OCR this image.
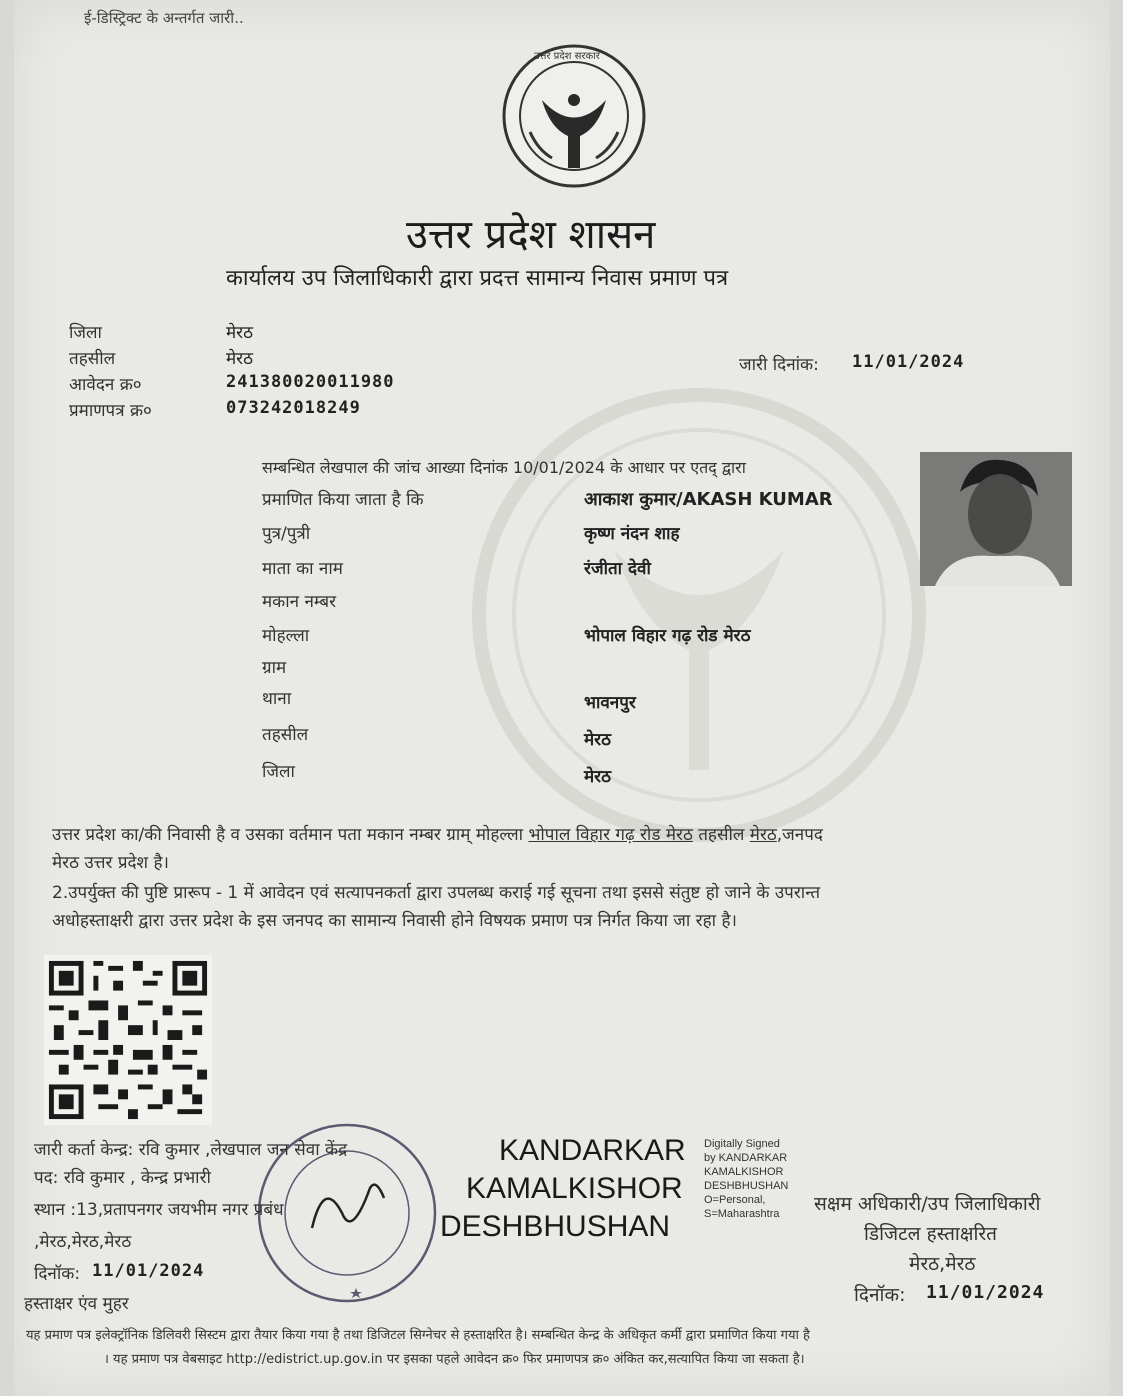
ई-डिस्ट्रिक्ट के अन्तर्गत जारी..
उत्तर प्रदेश सरकार
उत्तर प्रदेश शासन
कार्यालय उप जिलाधिकारी द्वारा प्रदत्त सामान्य निवास प्रमाण पत्र
जिला	मेरठ
तहसील	मेरठ
आवेदन क्र०	241380020011980
प्रमाणपत्र क्र०	073242018249
जारी दिनांक: 11/01/2024
सम्बन्धित लेखपाल की जांच आख्या दिनांक 10/01/2024 के आधार पर एतद् द्वारा
प्रमाणित किया जाता है कि	आकाश कुमार/AKASH KUMAR
पुत्र/पुत्री	कृष्ण नंदन शाह
माता का नाम	रंजीता देवी
मकान नम्बर
मोहल्ला	भोपाल विहार गढ़ रोड मेरठ
ग्राम
थाना	भावनपुर
तहसील	मेरठ
जिला	मेरठ
उत्तर प्रदेश का/की निवासी है व उसका वर्तमान पता मकान नम्बर ग्राम् मोहल्ला भोपाल विहार गढ़ रोड मेरठ तहसील मेरठ,जनपद
मेरठ उत्तर प्रदेश है।
2.उपर्युक्त की पुष्टि प्रारूप - 1 में आवेदन एवं सत्यापनकर्ता द्वारा उपलब्ध कराई गई सूचना तथा इससे संतुष्ट हो जाने के उपरान्त
अधोहस्ताक्षरी द्वारा उत्तर प्रदेश के इस जनपद का सामान्य निवासी होने विषयक प्रमाण पत्र निर्गत किया जा रहा है।
जारी कर्ता केन्द्र: रवि कुमार ,लेखपाल जन सेवा केंद्र
पद: रवि कुमार , केन्द्र प्रभारी
स्थान :13,प्रतापनगर जयभीम नगर प्रबंध
,मेरठ,मेरठ,मेरठ
दिनॉक: 11/01/2024
हस्ताक्षर एंव मुहर
KANDARKAR
KAMALKISHOR
DESHBHUSHAN
Digitally Signed
by KANDARKAR
KAMALKISHOR
DESHBHUSHAN
O=Personal,
S=Maharashtra	सक्षम अधिकारी/उप जिलाधिकारी
डिजिटल हस्ताक्षरित
मेरठ,मेरठ
दिनॉक: 11/01/2024
यह प्रमाण पत्र इलेक्ट्रॉनिक डिलिवरी सिस्टम द्वारा तैयार किया गया है तथा डिजिटल सिग्नेचर से हस्ताक्षरित है। सम्बन्धित केन्द्र के अधिकृत कर्मी द्वारा प्रमाणित किया गया है
। यह प्रमाण पत्र वेबसाइट http://edistrict.up.gov.in पर इसका पहले आवेदन क्र० फिर प्रमाणपत्र क्र० अंकित कर,सत्यापित किया जा सकता है।
